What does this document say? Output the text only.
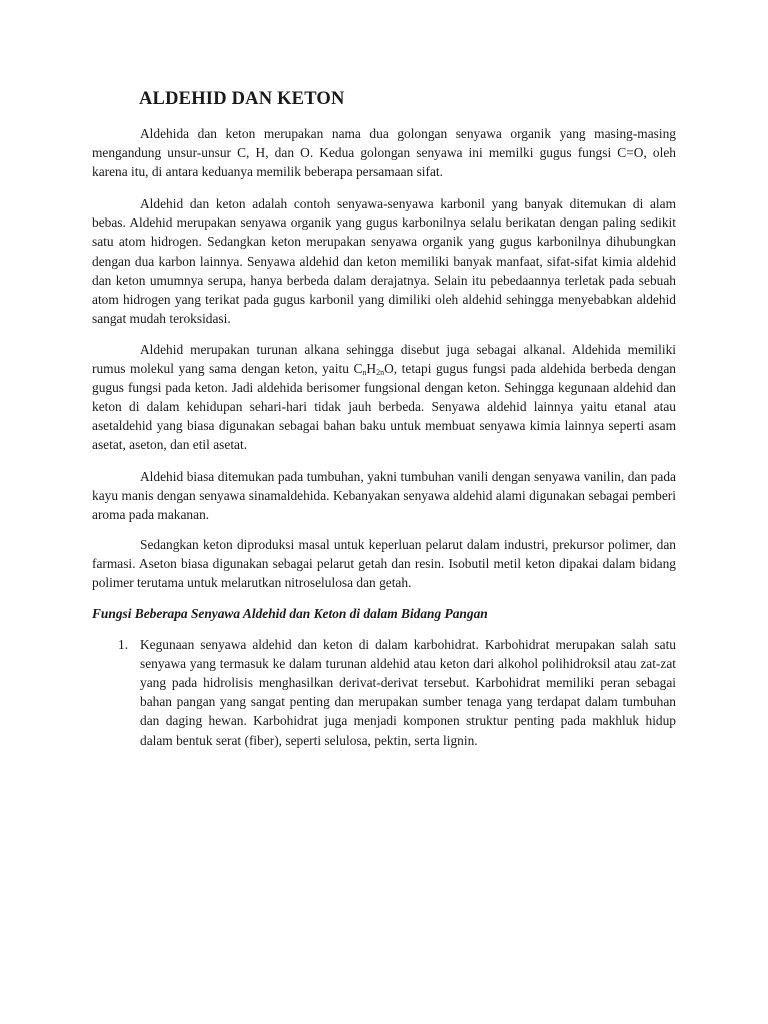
ALDEHID DAN KETON

Aldehida dan keton merupakan nama dua golongan senyawa organik yang masing-masing mengandung unsur-unsur C, H, dan O. Kedua golongan senyawa ini memilki gugus fungsi C=O, oleh karena itu, di antara keduanya memilik beberapa persamaan sifat.

Aldehid dan keton adalah contoh senyawa-senyawa karbonil yang banyak ditemukan di alam bebas. Aldehid merupakan senyawa organik yang gugus karbonilnya selalu berikatan dengan paling sedikit satu atom hidrogen. Sedangkan keton merupakan senyawa organik yang gugus karbonilnya dihubungkan dengan dua karbon lainnya. Senyawa aldehid dan keton memiliki banyak manfaat, sifat-sifat kimia aldehid dan keton umumnya serupa, hanya berbeda dalam derajatnya. Selain itu pebedaannya terletak pada sebuah atom hidrogen yang terikat pada gugus karbonil yang dimiliki oleh aldehid sehingga menyebabkan aldehid sangat mudah teroksidasi.

Aldehid merupakan turunan alkana sehingga disebut juga sebagai alkanal. Aldehida memiliki rumus molekul yang sama dengan keton, yaitu $C_nH_{2n}O$, tetapi gugus fungsi pada aldehida berbeda dengan gugus fungsi pada keton. Jadi aldehida berisomer fungsional dengan keton. Sehingga kegunaan aldehid dan keton di dalam kehidupan sehari-hari tidak jauh berbeda. Senyawa aldehid lainnya yaitu etanal atau asetaldehid yang biasa digunakan sebagai bahan baku untuk membuat senyawa kimia lainnya seperti asam asetat, aseton, dan etil asetat.

Aldehid biasa ditemukan pada tumbuhan, yakni tumbuhan vanili dengan senyawa vanilin, dan pada kayu manis dengan senyawa sinamaldehida. Kebanyakan senyawa aldehid alami digunakan sebagai pemberi aroma pada makanan.

Sedangkan keton diproduksi masal untuk keperluan pelarut dalam industri, prekursor polimer, dan farmasi. Aseton biasa digunakan sebagai pelarut getah dan resin. Isobutil metil keton dipakai dalam bidang polimer terutama untuk melarutkan nitroselulosa dan getah.

Fungsi Beberapa Senyawa Aldehid dan Keton di dalam Bidang Pangan

1. Kegunaan senyawa aldehid dan keton di dalam karbohidrat. Karbohidrat merupakan salah satu senyawa yang termasuk ke dalam turunan aldehid atau keton dari alkohol polihidroksil atau zat-zat yang pada hidrolisis menghasilkan derivat-derivat tersebut. Karbohidrat memiliki peran sebagai bahan pangan yang sangat penting dan merupakan sumber tenaga yang terdapat dalam tumbuhan dan daging hewan. Karbohidrat juga menjadi komponen struktur penting pada makhluk hidup dalam bentuk serat (fiber), seperti selulosa, pektin, serta lignin.
